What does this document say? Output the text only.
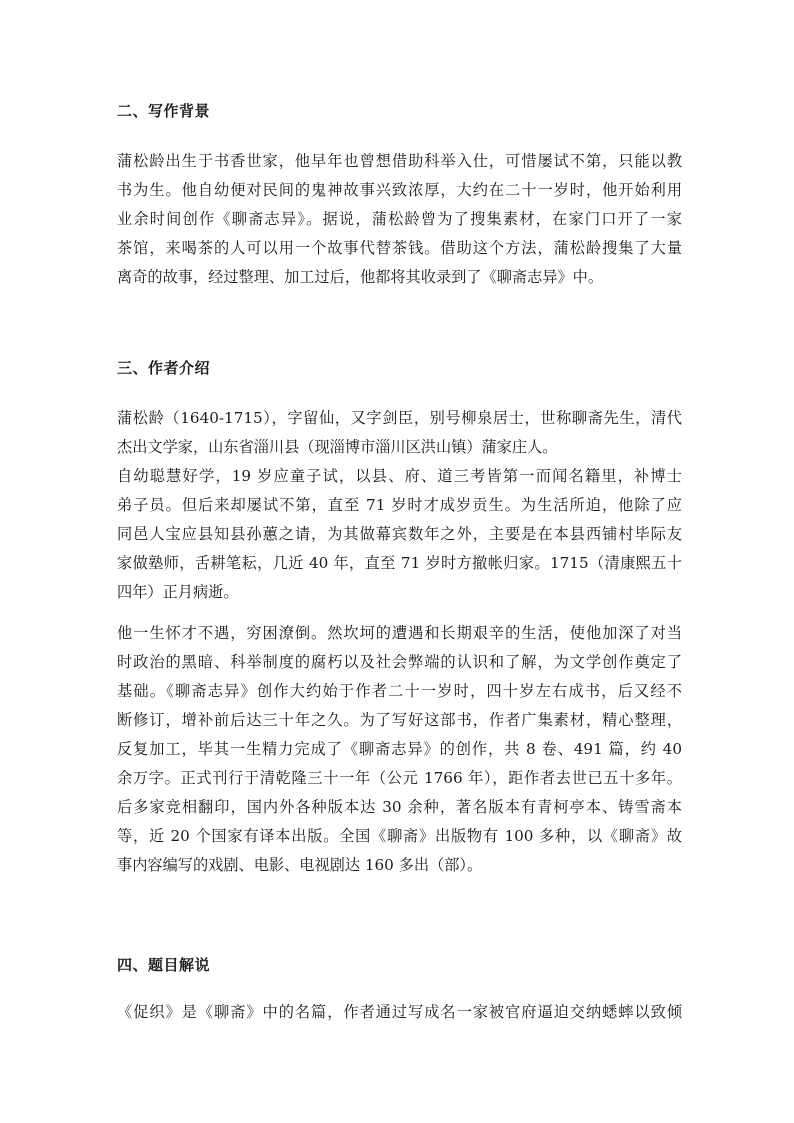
二、写作背景
蒲松龄出生于书香世家，他早年也曾想借助科举入仕，可惜屡试不第，只能以教
书为生。他自幼便对民间的鬼神故事兴致浓厚，大约在二十一岁时，他开始利用
业余时间创作《聊斋志异》。据说，蒲松龄曾为了搜集素材，在家门口开了一家
茶馆，来喝茶的人可以用一个故事代替茶钱。借助这个方法，蒲松龄搜集了大量
离奇的故事，经过整理、加工过后，他都将其收录到了《聊斋志异》中。
三、作者介绍
蒲松龄（1640-1715），字留仙，又字剑臣，别号柳泉居士，世称聊斋先生，清代
杰出文学家，山东省淄川县（现淄博市淄川区洪山镇）蒲家庄人。
自幼聪慧好学，19 岁应童子试，以县、府、道三考皆第一而闻名籍里，补博士
弟子员。但后来却屡试不第，直至 71 岁时才成岁贡生。为生活所迫，他除了应
同邑人宝应县知县孙蕙之请，为其做幕宾数年之外，主要是在本县西铺村毕际友
家做塾师，舌耕笔耘，几近 40 年，直至 71 岁时方撤帐归家。1715（清康熙五十
四年）正月病逝。
他一生怀才不遇，穷困潦倒。然坎坷的遭遇和长期艰辛的生活，使他加深了对当
时政治的黑暗、科举制度的腐朽以及社会弊端的认识和了解，为文学创作奠定了
基础。《聊斋志异》创作大约始于作者二十一岁时，四十岁左右成书，后又经不
断修订，增补前后达三十年之久。为了写好这部书，作者广集素材，精心整理，
反复加工，毕其一生精力完成了《聊斋志异》的创作，共 8 卷、491 篇，约 40
余万字。正式刊行于清乾隆三十一年（公元 1766 年），距作者去世已五十多年。
后多家竞相翻印，国内外各种版本达 30 余种，著名版本有青柯亭本、铸雪斋本
等，近 20 个国家有译本出版。全国《聊斋》出版物有 100 多种，以《聊斋》故
事内容编写的戏剧、电影、电视剧达 160 多出（部）。
四、题目解说
《促织》是《聊斋》中的名篇，作者通过写成名一家被官府逼迫交纳蟋蟀以致倾
